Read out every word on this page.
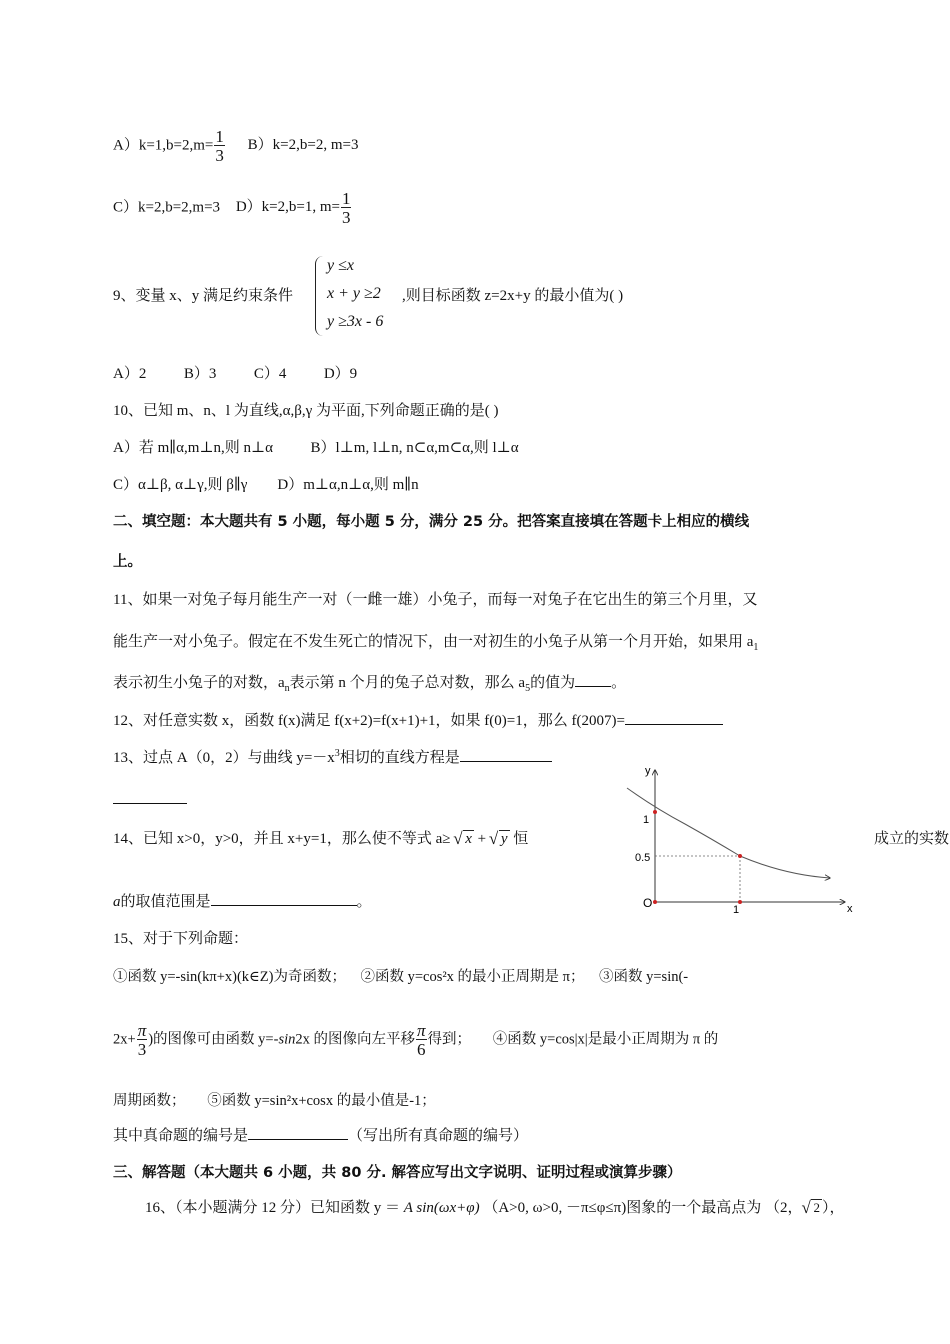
$A)k=1,b=2,m= \frac{1}{3} B)k=2,b=2$, m=3
C）k=2,b=2,m=3 D）k=2,b=1, $m= \frac{1}{3}$
9、变量 x、y 满足约束条件
y ≤x
x + y ≥2
y ≥3x - 6
,则目标函数 z=2x+y 的最小值为( )
A）2          B）3          C）4          D）9
10、已知 m、n、l 为直线,α,β,γ 为平面,下列命题正确的是( )
A）若 m∥α,m⊥n,则 n⊥α          B）l⊥m, l⊥n, n⊂α,m⊂α,则 l⊥α
C）α⊥β, α⊥γ,则 β∥γ        D）m⊥α,n⊥α,则 m∥n
二、填空题：本大题共有 5 小题，每小题 5 分，满分 25 分。把答案直接填在答题卡上相应的横线
上。
11、如果一对兔子每月能生产一对（一雌一雄）小兔子，而每一对兔子在它出生的第三个月里，又
能生产一对小兔子。假定在不发生死亡的情况下，由一对初生的小兔子从第一个月开始，如果用 $a_1$
表示初生小兔子的对数，$a_n$表示第 n 个月的兔子总对数，那么 $a_5$的值为 。
12、对任意实数 x，函数 f(x)满足 f(x+2)=f(x+1)+1，如果 f(0)=1，那么 f(2007)=
13、过点 A（0，2）与曲线 $y=-x^3$相切的直线方程是
14、已知 x>0，y>0，并且 x+y=1，那么使不等式 a≥ √ x + √ y 恒	成立的实数
a的取值范围是	。
y
x
O
1
0.5
1
15、对于下列命题：
①函数 y=-sin(kπ+x)(k∈Z)为奇函数；    ②函数 y=cos²x 的最小正周期是 π；    ③函数 y=sin(-
$2x+ \frac{\pi}{3}$ )的图像可由函数 y=-sin2x 的图像向左平移 $\frac{\pi}{6}$ 得到；      ④函数 y=cos|x|是最小正周期为 π 的
周期函数；      ⑤函数 y=sin²x+cosx 的最小值是-1；
其中真命题的编号是	（写出所有真命题的编号）
三、解答题（本大题共 6 小题，共 80 分. 解答应写出文字说明、证明过程或演算步骤）
16、（本小题满分 12 分）已知函数 y ＝ A sin(ωx+φ) （A>0, ω>0, －π≤φ≤π)图象的一个最高点为 （2， √ 2 ），
